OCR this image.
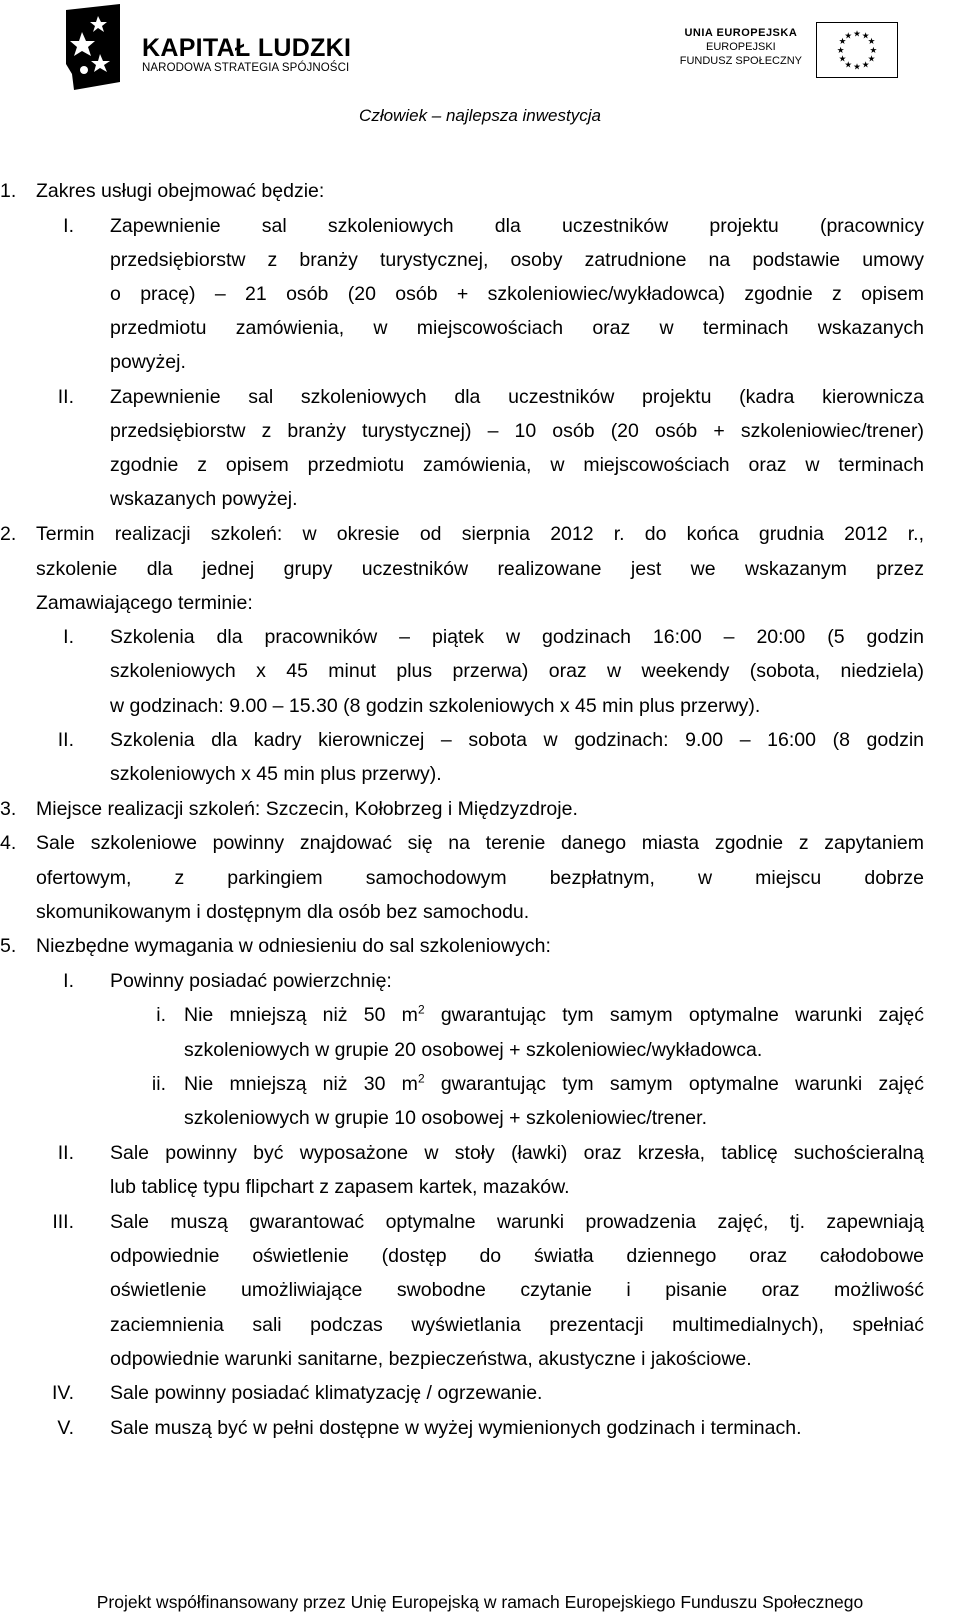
KAPITAŁ LUDZKI
NARODOWA STRATEGIA SPÓJNOŚCI
UNIA EUROPEJSKA
EUROPEJSKI
FUNDUSZ SPOŁECZNY
★ ★
★
★
★
★
★
★
★
★
★
★
Człowiek – najlepsza inwestycja
1. Zakres usługi obejmować będzie:
I. Zapewnienie sal szkoleniowych dla uczestników projektu (pracownicy
przedsiębiorstw z branży turystycznej, osoby zatrudnione na podstawie umowy
o pracę) – 21 osób (20 osób + szkoleniowiec/wykładowca) zgodnie z opisem
przedmiotu zamówienia, w miejscowościach oraz w terminach wskazanych
powyżej.
II. Zapewnienie sal szkoleniowych dla uczestników projektu (kadra kierownicza
przedsiębiorstw z branży turystycznej) – 10 osób (20 osób + szkoleniowiec/trener)
zgodnie z opisem przedmiotu zamówienia, w miejscowościach oraz w terminach
wskazanych powyżej.
2. Termin realizacji szkoleń: w okresie od sierpnia 2012 r. do końca grudnia 2012 r.,
szkolenie dla jednej grupy uczestników realizowane jest we wskazanym przez
Zamawiającego terminie:
I. Szkolenia dla pracowników – piątek w godzinach 16:00 – 20:00 (5 godzin
szkoleniowych x 45 minut plus przerwa) oraz w weekendy (sobota, niedziela)
w godzinach: 9.00 – 15.30 (8 godzin szkoleniowych x 45 min plus przerwy).
II. Szkolenia dla kadry kierowniczej – sobota w godzinach: 9.00 – 16:00 (8 godzin
szkoleniowych x 45 min plus przerwy).
3. Miejsce realizacji szkoleń: Szczecin, Kołobrzeg i Międzyzdroje.
4. Sale szkoleniowe powinny znajdować się na terenie danego miasta zgodnie z zapytaniem
ofertowym, z parkingiem samochodowym bezpłatnym, w miejscu dobrze
skomunikowanym i dostępnym dla osób bez samochodu.
5. Niezbędne wymagania w odniesieniu do sal szkoleniowych:
I. Powinny posiadać powierzchnię:
i. Nie mniejszą niż 50 $m^2$ gwarantując tym samym optymalne warunki zajęć
szkoleniowych w grupie 20 osobowej + szkoleniowiec/wykładowca.
ii. Nie mniejszą niż 30 $m^2$ gwarantując tym samym optymalne warunki zajęć
szkoleniowych w grupie 10 osobowej + szkoleniowiec/trener.
II. Sale powinny być wyposażone w stoły (ławki) oraz krzesła, tablicę suchościeralną
lub tablicę typu flipchart z zapasem kartek, mazaków.
III. Sale muszą gwarantować optymalne warunki prowadzenia zajęć, tj. zapewniają
odpowiednie oświetlenie (dostęp do światła dziennego oraz całodobowe
oświetlenie umożliwiające swobodne czytanie i pisanie oraz możliwość
zaciemnienia sali podczas wyświetlania prezentacji multimedialnych), spełniać
odpowiednie warunki sanitarne, bezpieczeństwa, akustyczne i jakościowe.
IV. Sale powinny posiadać klimatyzację / ogrzewanie.
V. Sale muszą być w pełni dostępne w wyżej wymienionych godzinach i terminach.
Projekt współfinansowany przez Unię Europejską w ramach Europejskiego Funduszu Społecznego
